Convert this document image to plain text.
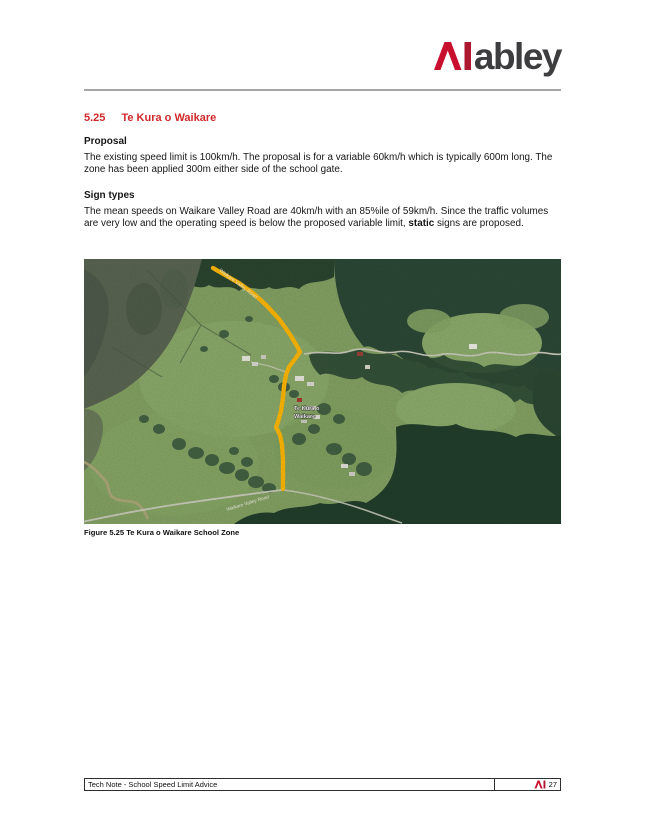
abley
5.25 Te Kura o Waikare
Proposal
The existing speed limit is 100km/h. The proposal is for a variable 60km/h which is typically 600m long. The zone has been applied 300m either side of the school gate.
Sign types
The mean speeds on Waikare Valley Road are 40km/h with an 85%ile of 59km/h. Since the traffic volumes are very low and the operating speed is below the proposed variable limit, static signs are proposed.
Figure 5.25 Te Kura o Waikare School Zone
Tech Note - School Speed Limit Advice	27
